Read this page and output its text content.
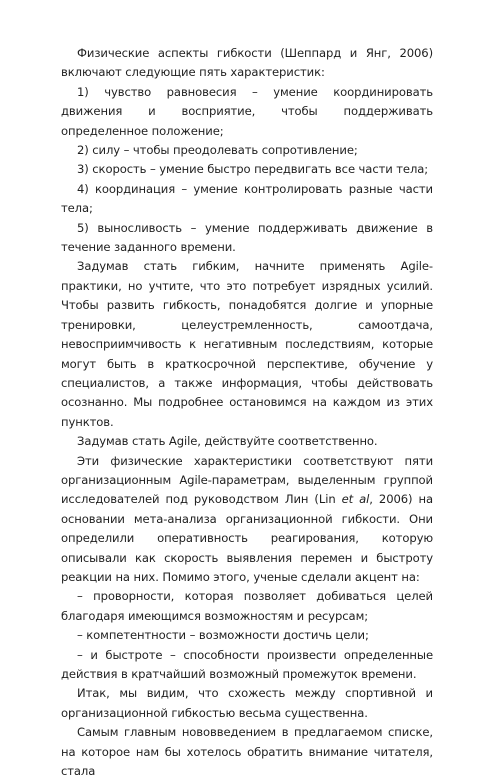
Физические аспекты гибкости (Шеппард и Янг, 2006) включают следующие пять характеристик:

1) чувство равновесия – умение координировать движения и восприятие, чтобы поддерживать определенное положение;

2) силу – чтобы преодолевать сопротивление;

3) скорость – умение быстро передвигать все части тела;

4) координация – умение контролировать разные части тела;

5) выносливость – умение поддерживать движение в течение заданного времени.

Задумав стать гибким, начните применять Agile-практики, но учтите, что это потребует изрядных усилий. Чтобы развить гибкость, понадобятся долгие и упорные тренировки, целеустремленность, самоотдача, невосприимчивость к негативным последствиям, которые могут быть в краткосрочной перспективе, обучение у специалистов, а также информация, чтобы действовать осознанно. Мы подробнее остановимся на каждом из этих пунктов.

Задумав стать Agile, действуйте соответственно.

Эти физические характеристики соответствуют пяти организационным Agile-параметрам, выделенным группой исследователей под руководством Лин (Lin et al, 2006) на основании мета-анализа организационной гибкости. Они определили оперативность реагирования, которую описывали как скорость выявления перемен и быстроту реакции на них. Помимо этого, ученые сделали акцент на:

– проворности, которая позволяет добиваться целей благодаря имеющимся возможностям и ресурсам;

– компетентности – возможности достичь цели;

– и быстроте – способности произвести определенные действия в кратчайший возможный промежуток времени.

Итак, мы видим, что схожесть между спортивной и организационной гибкостью весьма существенна.

Самым главным нововведением в предлагаемом списке, на которое нам бы хотелось обратить внимание читателя, стала
